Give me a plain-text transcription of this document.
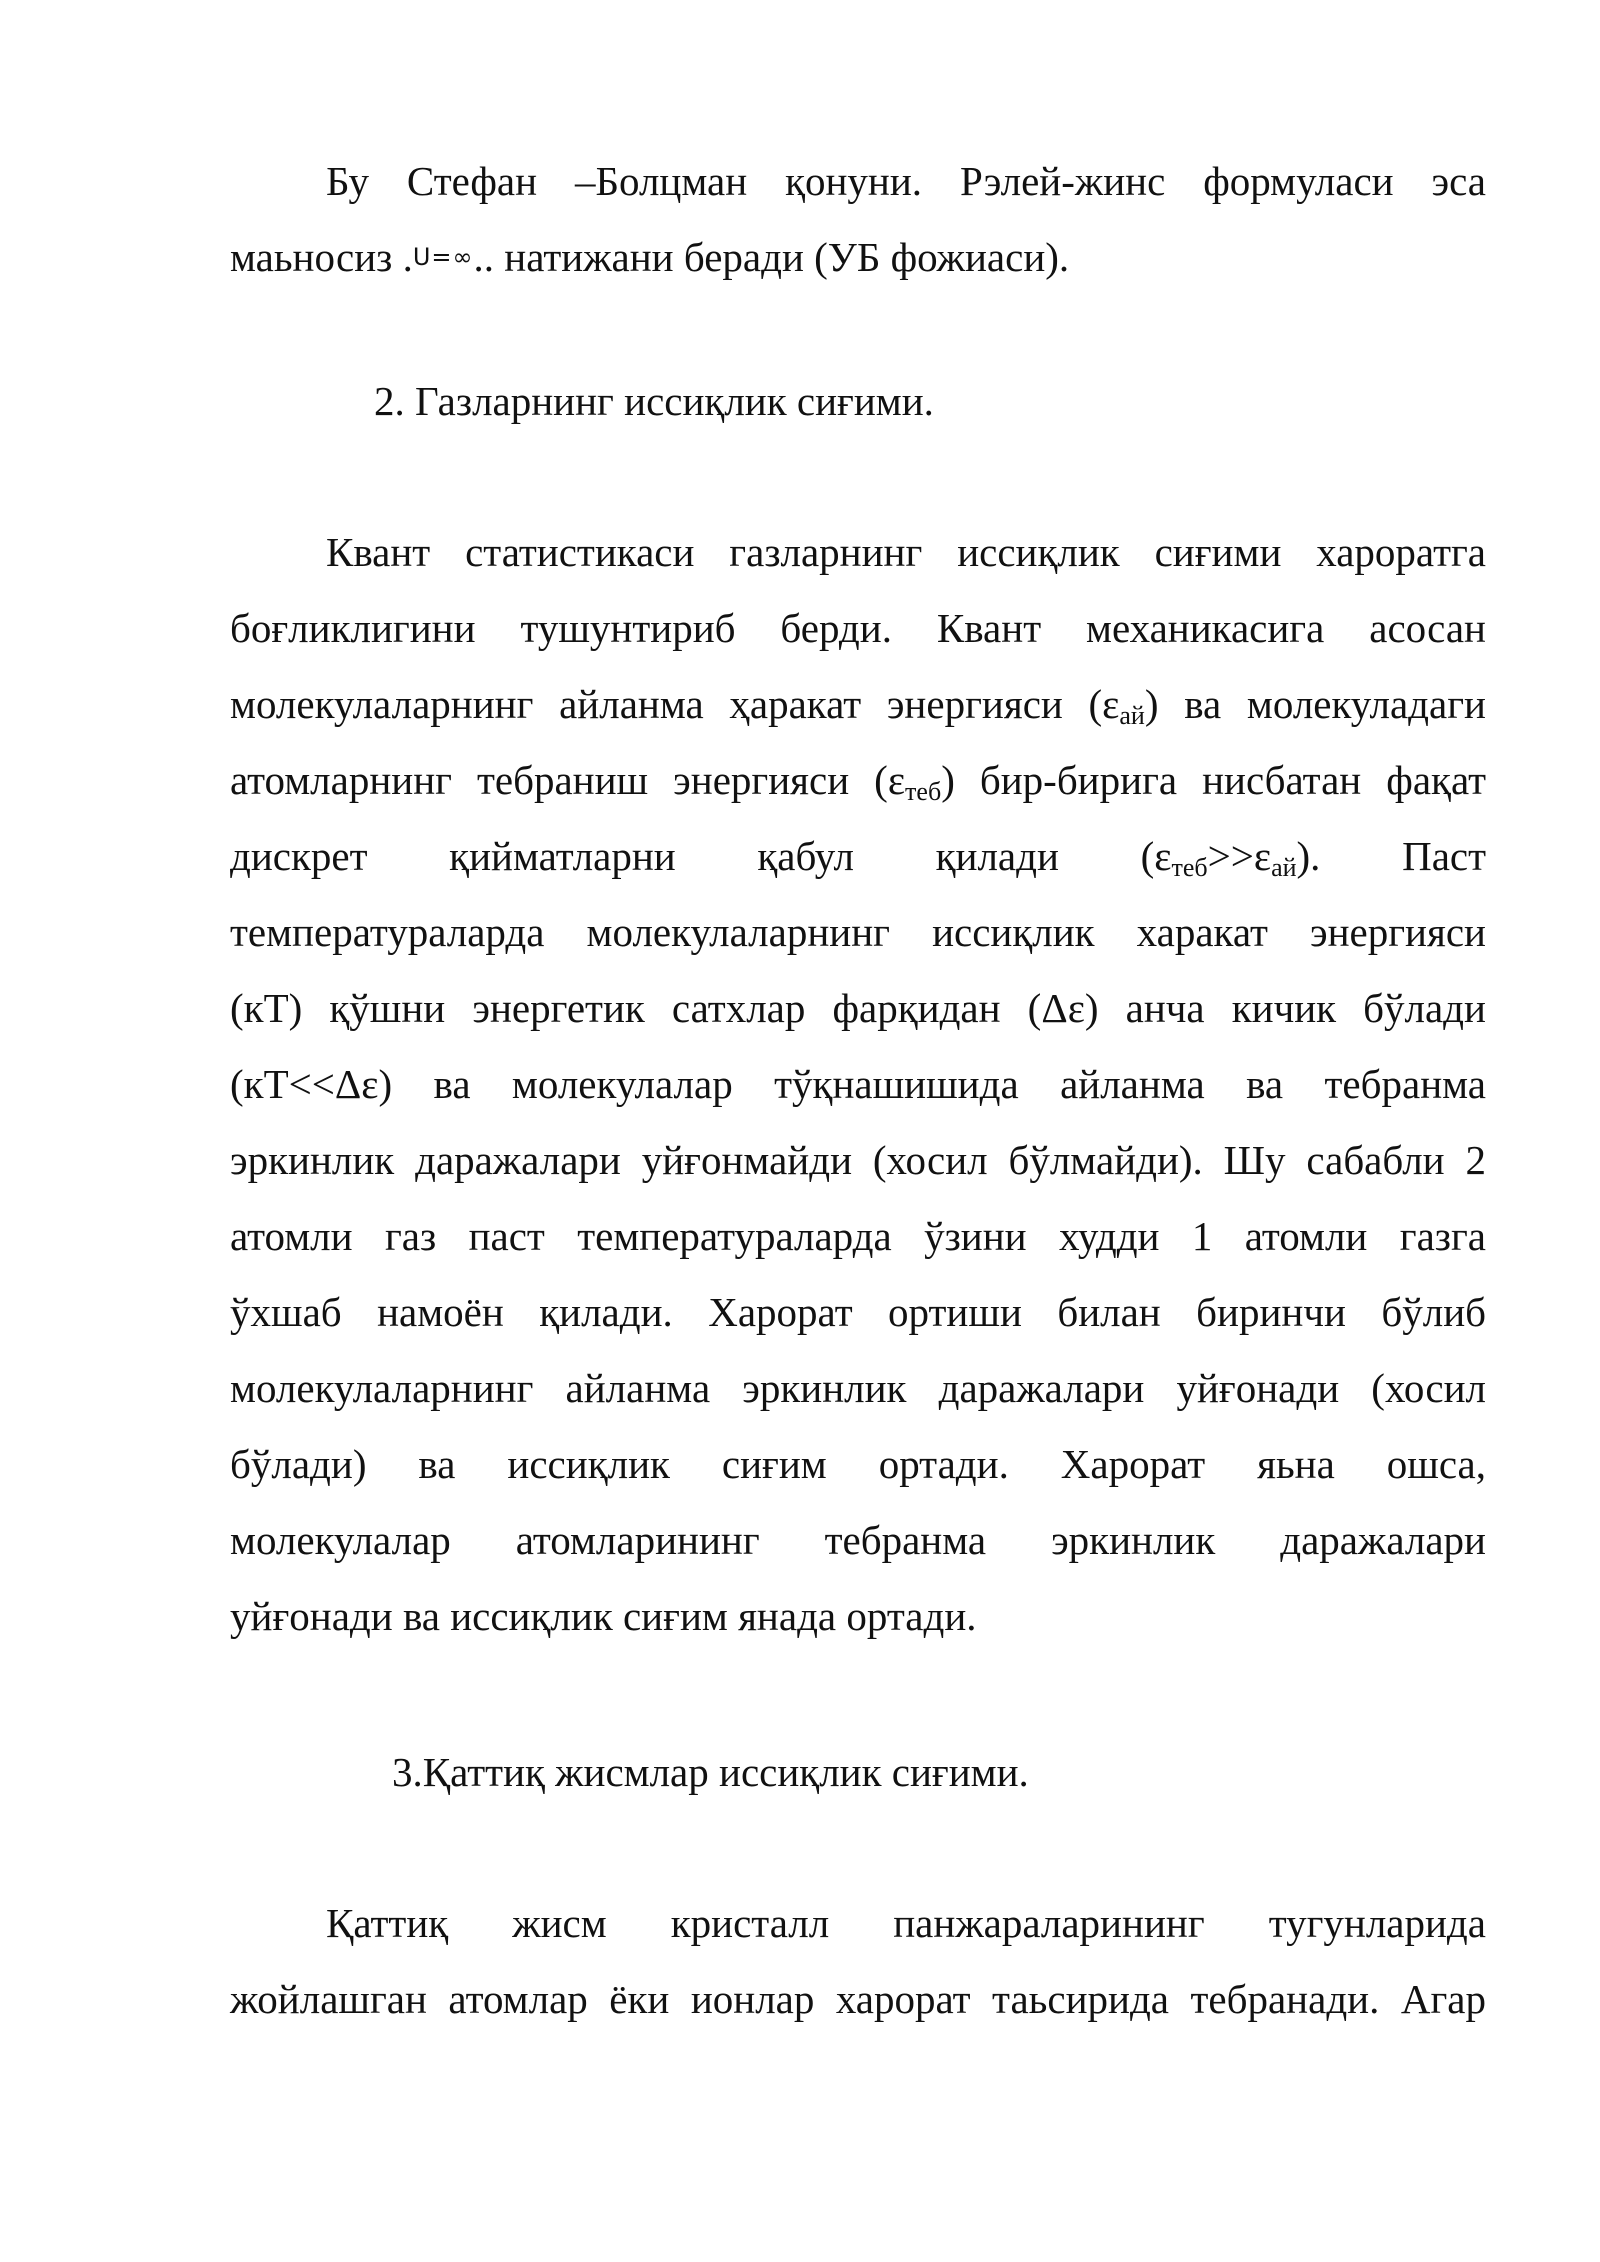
Бу Стефан –Болцман қонуни. Рэлей-жинс формуласи эса
маьносиз .U=∞.. натижани беради (УБ фожиаси).
2. Газларнинг иссиқлик сиғими.
Квант статистикаси газларнинг иссиқлик сиғими хароратга
боғликлигини тушунтириб берди. Квант механикасига асосан
молекулаларнинг айланма ҳаракат энергияси $(\varepsilon_{ай})$ ва молекуладаги
атомларнинг тебраниш энергияси $(\varepsilon_{теб})$ бир-бирига нисбатан фақат
дискрет қийматларни қабул қилади $(\varepsilon_{теб}>>\varepsilon_{ай})$. Паст
температураларда молекулаларнинг иссиқлик харакат энергияси
(кТ) қўшни энергетик сатхлар фарқидан (Δε) анча кичик бўлади
(кТ<<Δε) ва молекулалар тўқнашишида айланма ва тебранма
эркинлик даражалари уйғонмайди (хосил бўлмайди). Шу сабабли 2
атомли газ паст температураларда ўзини худди 1 атомли газга
ўхшаб намоён қилади. Харорат ортиши билан биринчи бўлиб
молекулаларнинг айланма эркинлик даражалари уйғонади (хосил
бўлади) ва иссиқлик сиғим ортади. Харорат яьна ошса,
молекулалар атомларининг тебранма эркинлик даражалари
уйғонади ва иссиқлик сиғим янада ортади.
3.Қаттиқ жисмлар иссиқлик сиғими.
Қаттиқ жисм кристалл панжараларининг тугунларида
жойлашган атомлар ёки ионлар харорат таьсирида тебранади. Агар
